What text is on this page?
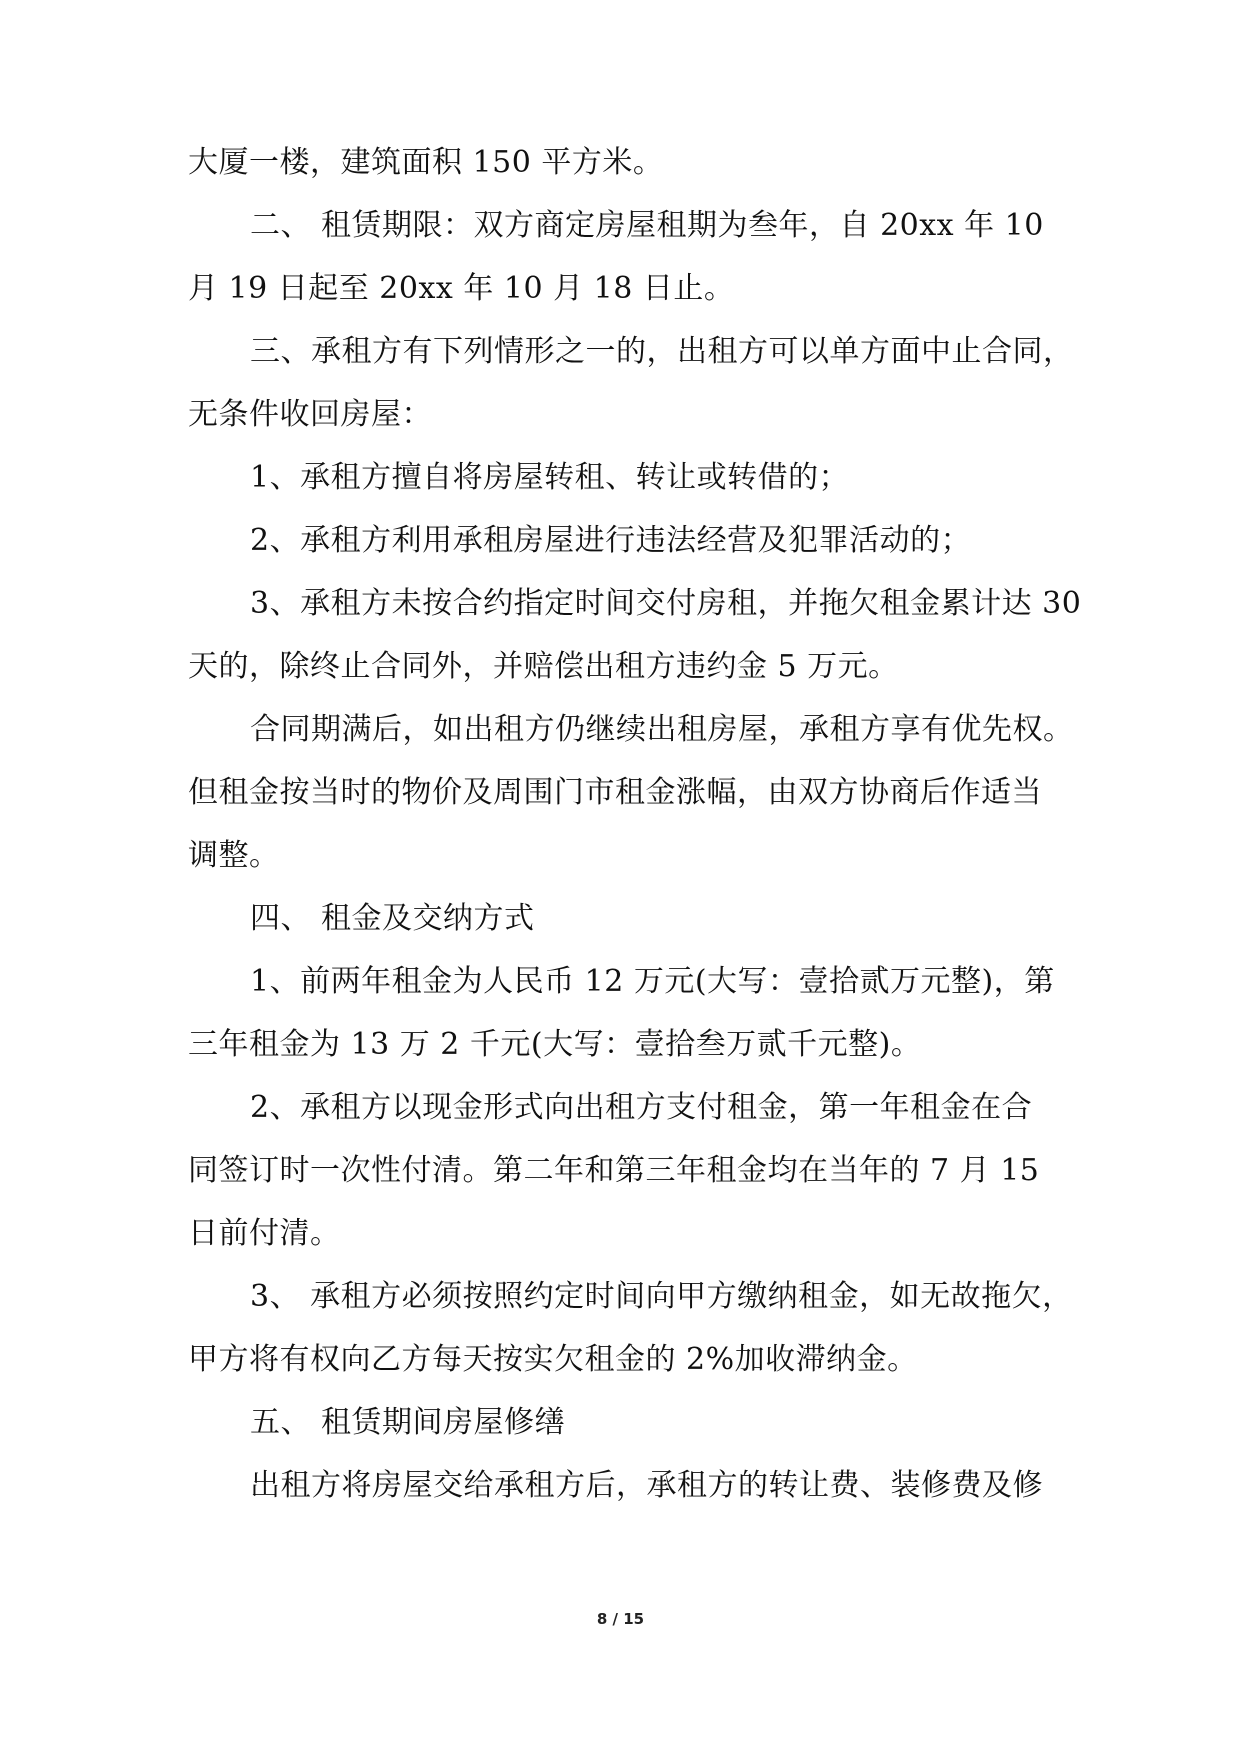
大厦一楼，建筑面积 150 平方米。
二、 租赁期限：双方商定房屋租期为叁年，自 20xx 年 10
月 19 日起至 20xx 年 10 月 18 日止。
三、承租方有下列情形之一的，出租方可以单方面中止合同，
无条件收回房屋：
1、承租方擅自将房屋转租、转让或转借的；
2、承租方利用承租房屋进行违法经营及犯罪活动的；
3、承租方未按合约指定时间交付房租，并拖欠租金累计达 30
天的，除终止合同外，并赔偿出租方违约金 5 万元。
合同期满后，如出租方仍继续出租房屋，承租方享有优先权。
但租金按当时的物价及周围门市租金涨幅，由双方协商后作适当
调整。
四、 租金及交纳方式
1、前两年租金为人民币 12 万元(大写：壹拾贰万元整)，第
三年租金为 13 万 2 千元(大写：壹拾叁万贰千元整)。
2、承租方以现金形式向出租方支付租金，第一年租金在合
同签订时一次性付清。第二年和第三年租金均在当年的 7 月 15
日前付清。
3、 承租方必须按照约定时间向甲方缴纳租金，如无故拖欠，
甲方将有权向乙方每天按实欠租金的 2%加收滞纳金。
五、 租赁期间房屋修缮
出租方将房屋交给承租方后，承租方的转让费、装修费及修
8 / 15
